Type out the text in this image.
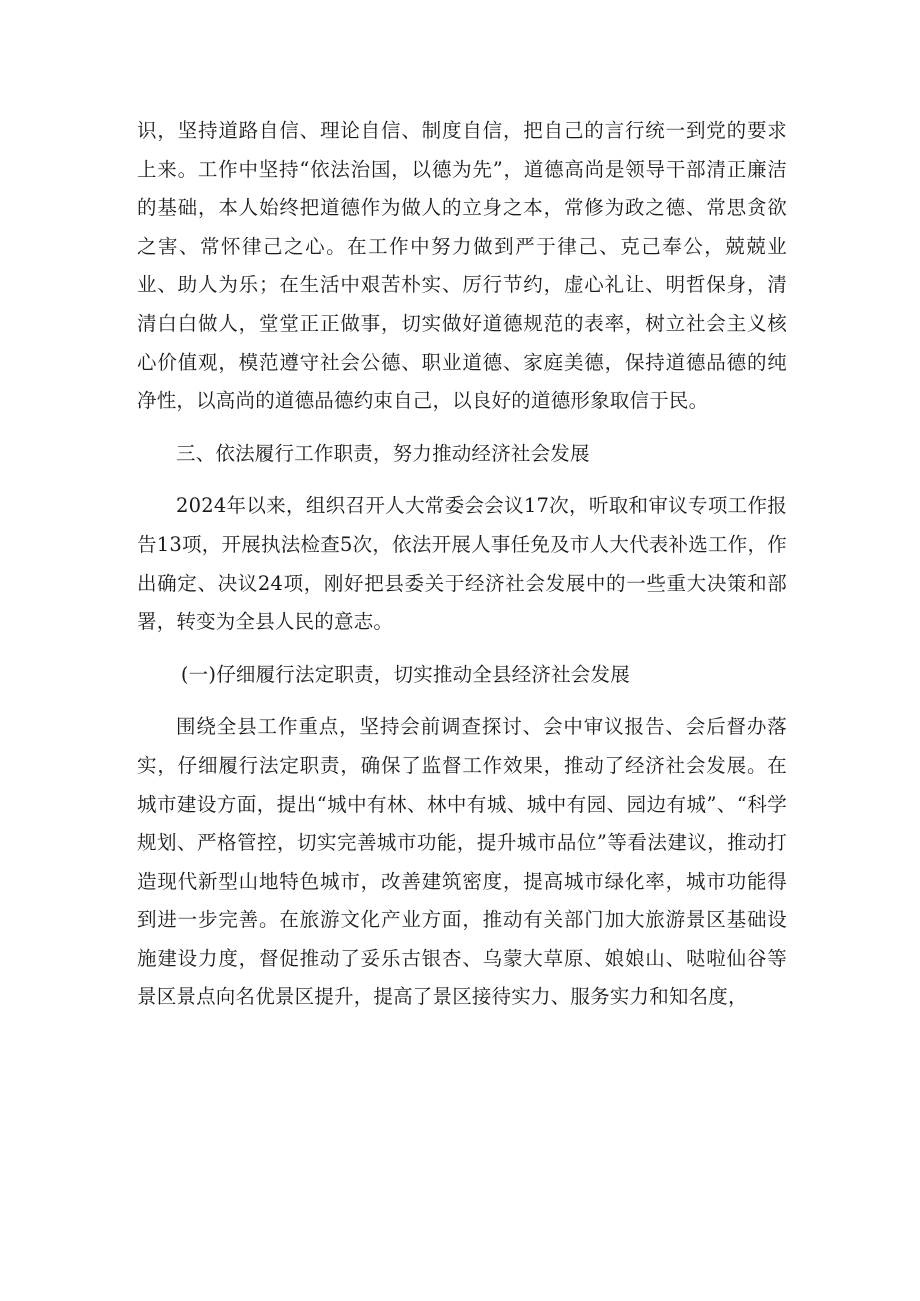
识，坚持道路自信、理论自信、制度自信，把自己的言行统一到党的要求上来。工作中坚持“依法治国，以德为先”，道德高尚是领导干部清正廉洁的基础，本人始终把道德作为做人的立身之本，常修为政之德、常思贪欲之害、常怀律己之心。在工作中努力做到严于律己、克己奉公，兢兢业业、助人为乐；在生活中艰苦朴实、厉行节约，虚心礼让、明哲保身，清清白白做人，堂堂正正做事，切实做好道德规范的表率，树立社会主义核心价值观，模范遵守社会公德、职业道德、家庭美德，保持道德品德的纯净性，以高尚的道德品德约束自己，以良好的道德形象取信于民。

三、依法履行工作职责，努力推动经济社会发展

2024年以来，组织召开人大常委会会议17次，听取和审议专项工作报告13项，开展执法检查5次，依法开展人事任免及市人大代表补选工作，作出确定、决议24项，刚好把县委关于经济社会发展中的一些重大决策和部署，转变为全县人民的意志。

(一)仔细履行法定职责，切实推动全县经济社会发展

围绕全县工作重点，坚持会前调查探讨、会中审议报告、会后督办落实，仔细履行法定职责，确保了监督工作效果，推动了经济社会发展。在城市建设方面，提出“城中有林、林中有城、城中有园、园边有城”、“科学规划、严格管控，切实完善城市功能，提升城市品位”等看法建议，推动打造现代新型山地特色城市，改善建筑密度，提高城市绿化率，城市功能得到进一步完善。在旅游文化产业方面，推动有关部门加大旅游景区基础设施建设力度，督促推动了妥乐古银杏、乌蒙大草原、娘娘山、哒啦仙谷等景区景点向名优景区提升，提高了景区接待实力、服务实力和知名度，
